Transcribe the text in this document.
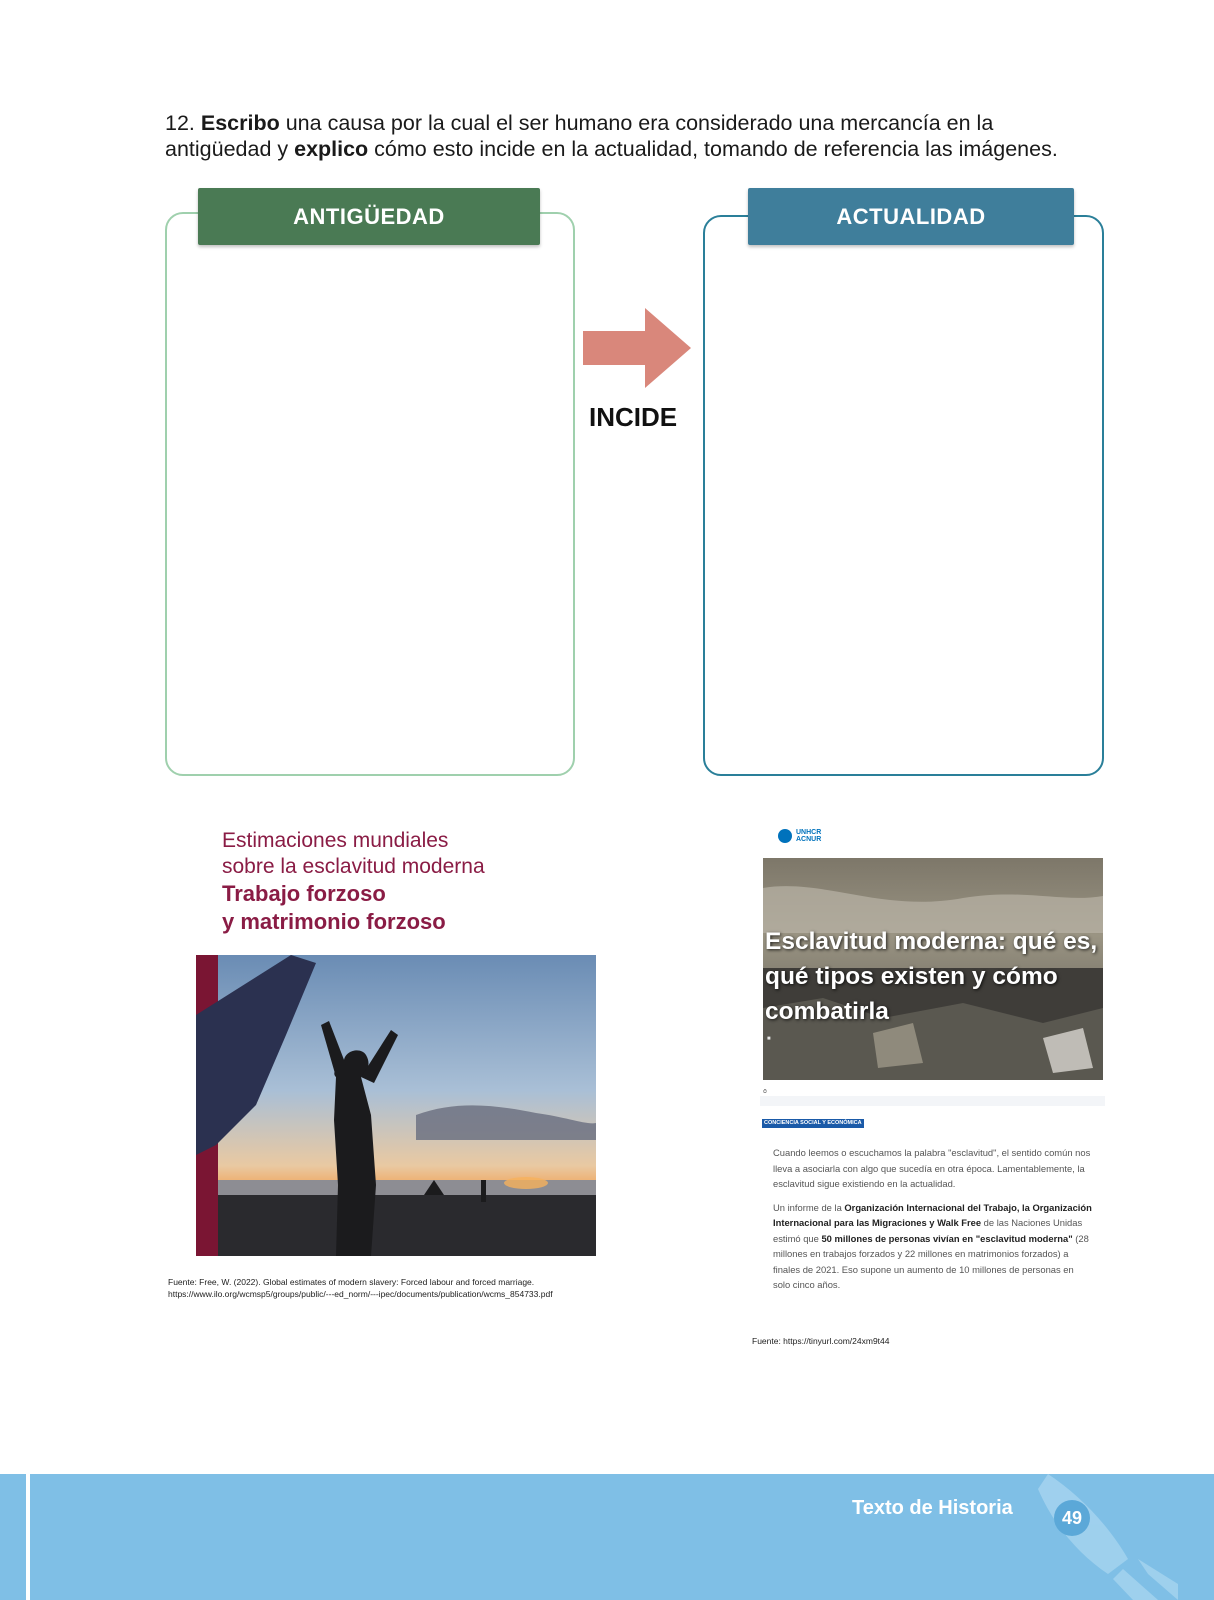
12. Escribo una causa por la cual el ser humano era considerado una mercancía en la antigüedad y explico cómo esto incide en la actualidad, tomando de referencia las imágenes.
ANTIGÜEDAD	ACTUALIDAD
INCIDE
Estimaciones mundiales
sobre la esclavitud moderna
Trabajo forzoso
y matrimonio forzoso
Fuente: Free, W. (2022). Global estimates of modern slavery: Forced labour and forced marriage. https://www.ilo.org/wcmsp5/groups/public/---ed_norm/---ipec/documents/publication/wcms_854733.pdf
UNHCR
ACNUR
Esclavitud moderna: qué es, qué tipos existen y cómo combatirla
■
⏱
CONCIENCIA SOCIAL Y ECONÓMICA

Cuando leemos o escuchamos la palabra "esclavitud", el sentido común nos lleva a asociarla con algo que sucedía en otra época. Lamentablemente, la esclavitud sigue existiendo en la actualidad.

Un informe de la Organización Internacional del Trabajo, la Organización Internacional para las Migraciones y Walk Free de las Naciones Unidas estimó que 50 millones de personas vivían en "esclavitud moderna" (28 millones en trabajos forzados y 22 millones en matrimonios forzados) a finales de 2021. Eso supone un aumento de 10 millones de personas en solo cinco años.

Fuente: https://tinyurl.com/24xm9t44
Texto de Historia	49
